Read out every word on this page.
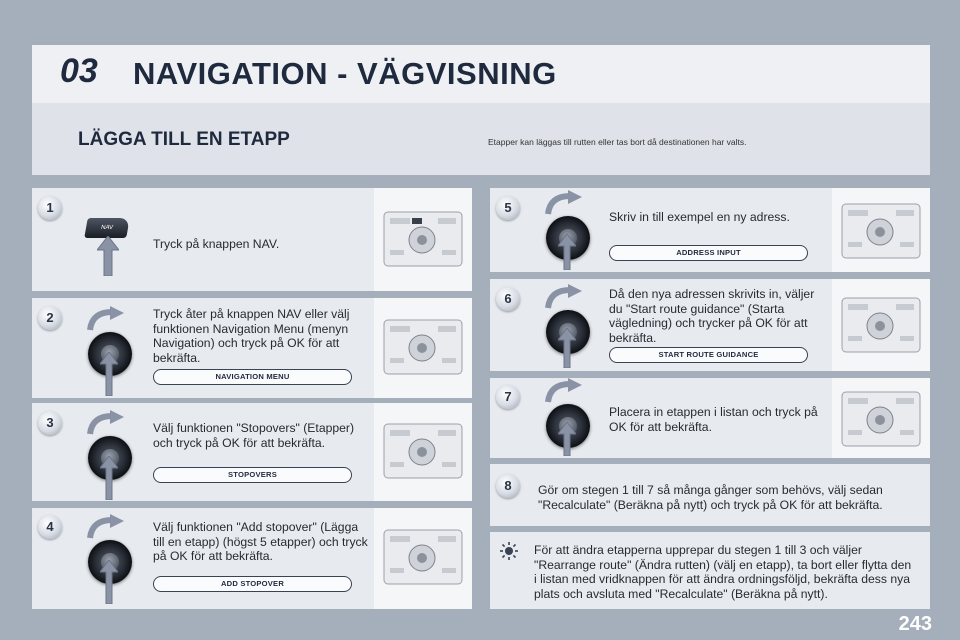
03 NAVIGATION - VÄGVISNING
LÄGGA TILL EN ETAPP	Etapper kan läggas till rutten eller tas bort då destinationen har valts.
1
2
3
4
5
6
7
8
NAV
Tryck på knappen NAV.
Tryck åter på knappen NAV eller välj funktionen Navigation Menu (menyn Navigation) och tryck på OK för att bekräfta.
Välj funktionen "Stopovers" (Etapper) och tryck på OK för att bekräfta.
Välj funktionen "Add stopover" (Lägga till en etapp) (högst 5 etapper) och tryck på OK för att bekräfta.
NAVIGATION MENU
STOPOVERS
ADD STOPOVER
Skriv in till exempel en ny adress.
Då den nya adressen skrivits in, väljer du "Start route guidance" (Starta vägledning) och trycker på OK för att bekräfta.
Placera in etappen i listan och tryck på OK för att bekräfta.
Gör om stegen 1 till 7 så många gånger som behövs, välj sedan "Recalculate" (Beräkna på nytt) och tryck på OK för att bekräfta.
ADDRESS INPUT
START ROUTE GUIDANCE
För att ändra etapperna upprepar du stegen 1 till 3 och väljer "Rearrange route" (Ändra rutten) (välj en etapp), ta bort eller flytta den i listan med vridknappen för att ändra ordningsföljd, bekräfta dess nya plats och avsluta med "Recalculate" (Beräkna på nytt).
243
